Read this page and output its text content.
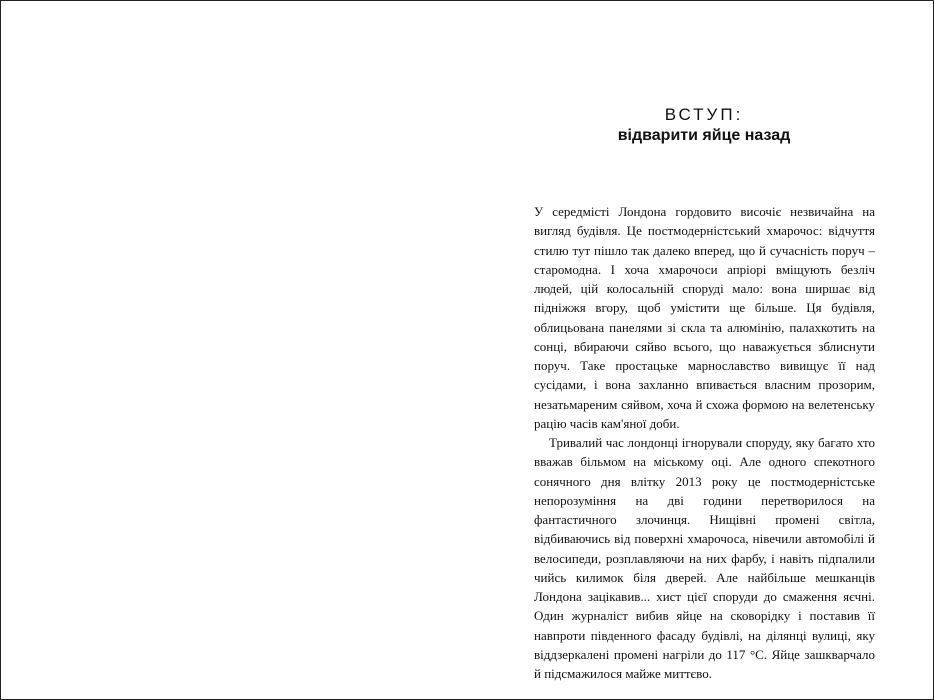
ВСТУП:
відварити яйце назад

У середмісті Лондона гордовито височіє незвичайна на вигляд будівля. Це постмодерністський хмарочос: відчуття стилю тут пішло так далеко вперед, що й сучасність поруч – старомодна. І хоча хмарочоси апріорі вміщують безліч людей, цій колосальній споруді мало: вона ширшає від підніжжя вгору, щоб умістити ще більше. Ця будівля, облицьована панелями зі скла та алюмінію, палахкотить на сонці, вбираючи сяйво всього, що наважується зблиснути поруч. Таке простацьке марнославство вивищує її над сусідами, і вона захланно впивається власним прозорим, незатьмареним сяйвом, хоча й схожа формою на велетенську рацію часів кам'яної доби.

Тривалий час лондонці ігнорували споруду, яку багато хто вважав більмом на міському оці. Але одного спекотного сонячного дня влітку 2013 року це постмодерністське непорозуміння на дві години перетворилося на фантастичного злочинця. Нищівні промені світла, відбиваючись від поверхні хмарочоса, нівечили автомобілі й велосипеди, розплавляючи на них фарбу, і навіть підпалили чийсь килимок біля дверей. Але найбільше мешканців Лондона зацікавив... хист цієї споруди до смаження яєчні. Один журналіст вибив яйце на сковорідку і поставив її навпроти південного фасаду будівлі, на ділянці вулиці, яку віддзеркалені промені нагріли до 117 °C. Яйце зашкварчало й підсмажилося майже миттєво.
